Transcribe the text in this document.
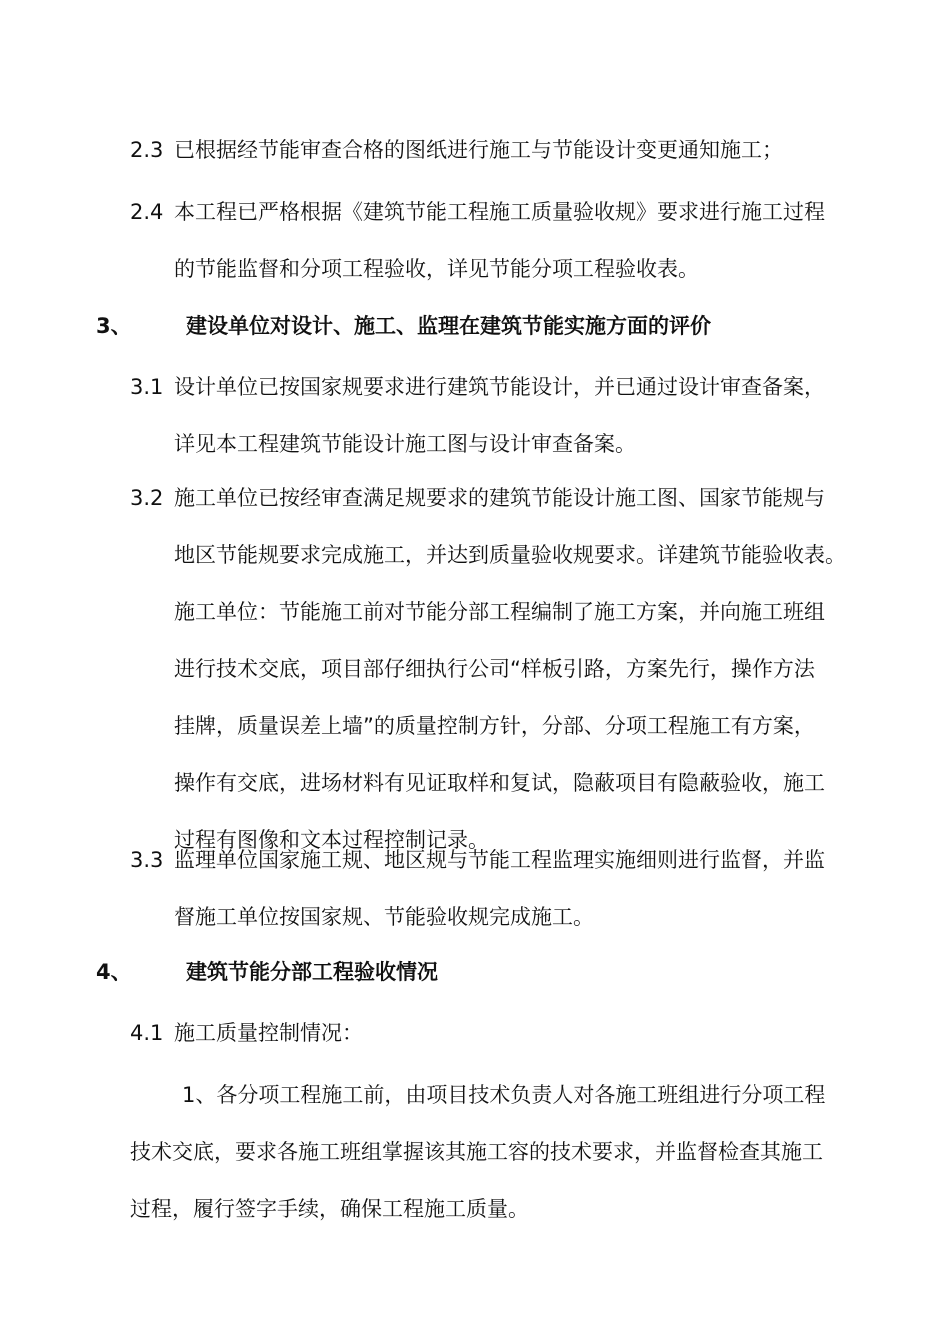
2.3 已根据经节能审查合格的图纸进行施工与节能设计变更通知施工；
2.4 本工程已严格根据《建筑节能工程施工质量验收规》要求进行施工过程
的节能监督和分项工程验收，详见节能分项工程验收表。
3、	建设单位对设计、施工、监理在建筑节能实施方面的评价
3.1 设计单位已按国家规要求进行建筑节能设计，并已通过设计审查备案，
详见本工程建筑节能设计施工图与设计审查备案。
3.2 施工单位已按经审查满足规要求的建筑节能设计施工图、国家节能规与
地区节能规要求完成施工，并达到质量验收规要求。详建筑节能验收表。
施工单位：节能施工前对节能分部工程编制了施工方案，并向施工班组
进行技术交底，项目部仔细执行公司“样板引路，方案先行，操作方法
挂牌，质量误差上墙”的质量控制方针，分部、分项工程施工有方案，
操作有交底，进场材料有见证取样和复试，隐蔽项目有隐蔽验收，施工
过程有图像和文本过程控制记录。
3.3 监理单位国家施工规、地区规与节能工程监理实施细则进行监督，并监
督施工单位按国家规、节能验收规完成施工。
4、	建筑节能分部工程验收情况
4.1 施工质量控制情况：
1、各分项工程施工前，由项目技术负责人对各施工班组进行分项工程
技术交底，要求各施工班组掌握该其施工容的技术要求，并监督检查其施工
过程，履行签字手续，确保工程施工质量。
